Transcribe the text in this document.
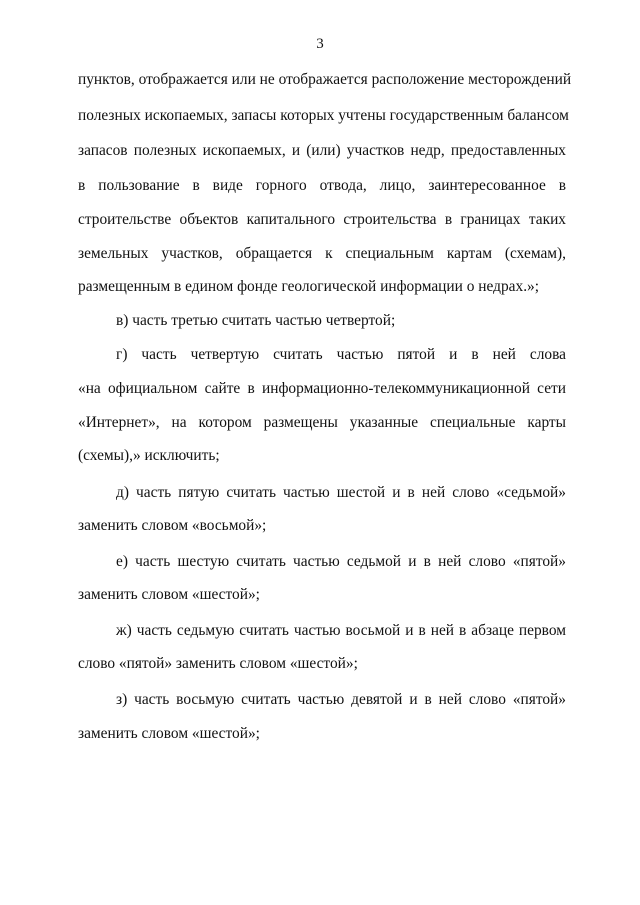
3
пунктов, отображается или не отображается расположение месторождений
полезных ископаемых, запасы которых учтены государственным балансом
запасов полезных ископаемых, и (или) участков недр, предоставленных
в пользование в виде горного отвода, лицо, заинтересованное в
строительстве объектов капитального строительства в границах таких
земельных участков, обращается к специальным картам (схемам),
размещенным в едином фонде геологической информации о недрах.»;
в) часть третью считать частью четвертой;
г) часть четвертую считать частью пятой и в ней слова
«на официальном сайте в информационно-телекоммуникационной сети
«Интернет», на котором размещены указанные специальные карты
(схемы),» исключить;
д) часть пятую считать частью шестой и в ней слово «седьмой»
заменить словом «восьмой»;
е) часть шестую считать частью седьмой и в ней слово «пятой»
заменить словом «шестой»;
ж) часть седьмую считать частью восьмой и в ней в абзаце первом
слово «пятой» заменить словом «шестой»;
з) часть восьмую считать частью девятой и в ней слово «пятой»
заменить словом «шестой»;
